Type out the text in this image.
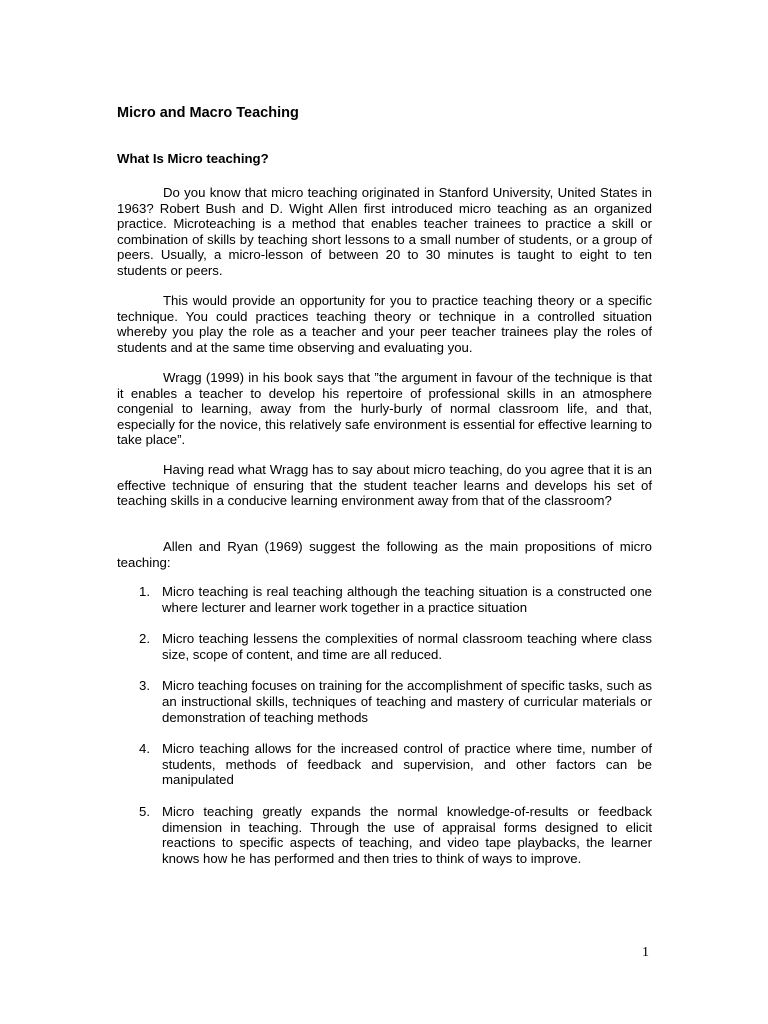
Micro and Macro Teaching
What Is Micro teaching?

Do you know that micro teaching originated in Stanford University, United States in 1963? Robert Bush and D. Wight Allen first introduced micro teaching as an organized practice. Microteaching is a method that enables teacher trainees to practice a skill or combination of skills by teaching short lessons to a small number of students, or a group of peers. Usually, a micro-lesson of between 20 to 30 minutes is taught to eight to ten students or peers.

This would provide an opportunity for you to practice teaching theory or a specific technique. You could practices teaching theory or technique in a controlled situation whereby you play the role as a teacher and your peer teacher trainees play the roles of students and at the same time observing and evaluating you.

Wragg (1999) in his book says that ”the argument in favour of the technique is that it enables a teacher to develop his repertoire of professional skills in an atmosphere congenial to learning, away from the hurly-burly of normal classroom life, and that, especially for the novice, this relatively safe environment is essential for effective learning to take place”.

Having read what Wragg has to say about micro teaching, do you agree that it is an effective technique of ensuring that the student teacher learns and develops his set of teaching skills in a conducive learning environment away from that of the classroom?

Allen and Ryan (1969) suggest the following as the main propositions of micro teaching:

1. Micro teaching is real teaching although the teaching situation is a constructed one where lecturer and learner work together in a practice situation
2. Micro teaching lessens the complexities of normal classroom teaching where class size, scope of content, and time are all reduced.
3. Micro teaching focuses on training for the accomplishment of specific tasks, such as an instructional skills, techniques of teaching and mastery of curricular materials or demonstration of teaching methods
4. Micro teaching allows for the increased control of practice where time, number of students, methods of feedback and supervision, and other factors can be manipulated
5. Micro teaching greatly expands the normal knowledge-of-results or feedback dimension in teaching. Through the use of appraisal forms designed to elicit reactions to specific aspects of teaching, and video tape playbacks, the learner knows how he has performed and then tries to think of ways to improve.
1
